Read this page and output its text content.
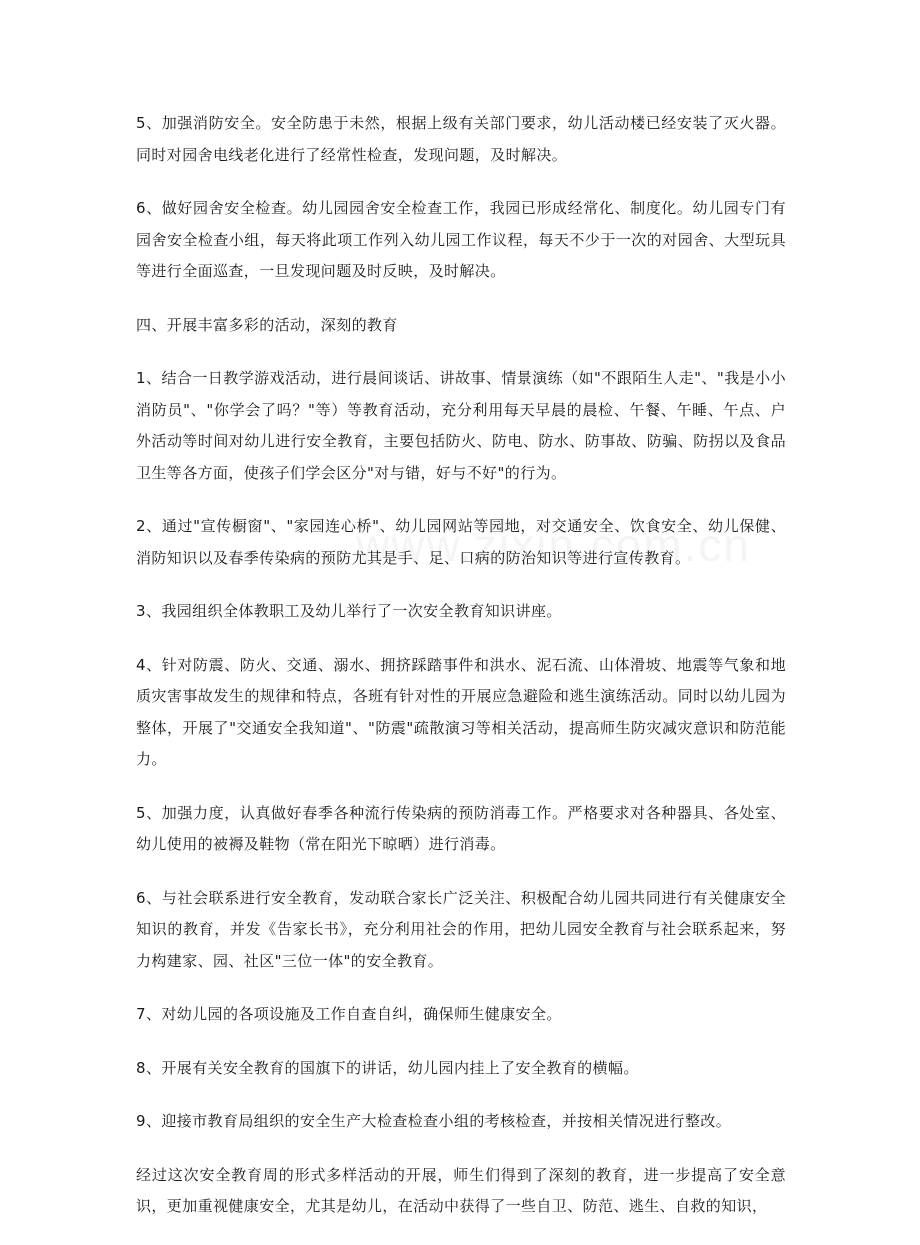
5、加强消防安全。安全防患于未然，根据上级有关部门要求，幼儿活动楼已经安装了灭火器。同时对园舍电线老化进行了经常性检查，发现问题，及时解决。

6、做好园舍安全检查。幼儿园园舍安全检查工作，我园已形成经常化、制度化。幼儿园专门有园舍安全检查小组，每天将此项工作列入幼儿园工作议程，每天不少于一次的对园舍、大型玩具等进行全面巡查，一旦发现问题及时反映，及时解决。

四、开展丰富多彩的活动，深刻的教育

1、结合一日教学游戏活动，进行晨间谈话、讲故事、情景演练（如"不跟陌生人走"、"我是小小消防员"、"你学会了吗？"等）等教育活动，充分利用每天早晨的晨检、午餐、午睡、午点、户外活动等时间对幼儿进行安全教育，主要包括防火、防电、防水、防事故、防骗、防拐以及食品卫生等各方面，使孩子们学会区分"对与错，好与不好"的行为。

2、通过"宣传橱窗"、"家园连心桥"、幼儿园网站等园地，对交通安全、饮食安全、幼儿保健、消防知识以及春季传染病的预防尤其是手、足、口病的防治知识等进行宣传教育。

3、我园组织全体教职工及幼儿举行了一次安全教育知识讲座。

4、针对防震、防火、交通、溺水、拥挤踩踏事件和洪水、泥石流、山体滑坡、地震等气象和地质灾害事故发生的规律和特点，各班有针对性的开展应急避险和逃生演练活动。同时以幼儿园为整体，开展了"交通安全我知道"、"防震"疏散演习等相关活动，提高师生防灾减灾意识和防范能力。

5、加强力度，认真做好春季各种流行传染病的预防消毒工作。严格要求对各种器具、各处室、幼儿使用的被褥及鞋物（常在阳光下晾晒）进行消毒。

6、与社会联系进行安全教育，发动联合家长广泛关注、积极配合幼儿园共同进行有关健康安全知识的教育，并发《告家长书》，充分利用社会的作用，把幼儿园安全教育与社会联系起来，努力构建家、园、社区"三位一体"的安全教育。

7、对幼儿园的各项设施及工作自查自纠，确保师生健康安全。

8、开展有关安全教育的国旗下的讲话，幼儿园内挂上了安全教育的横幅。

9、迎接市教育局组织的安全生产大检查检查小组的考核检查，并按相关情况进行整改。

经过这次安全教育周的形式多样活动的开展，师生们得到了深刻的教育，进一步提高了安全意识，更加重视健康安全，尤其是幼儿，在活动中获得了一些自卫、防范、逃生、自救的知识，
